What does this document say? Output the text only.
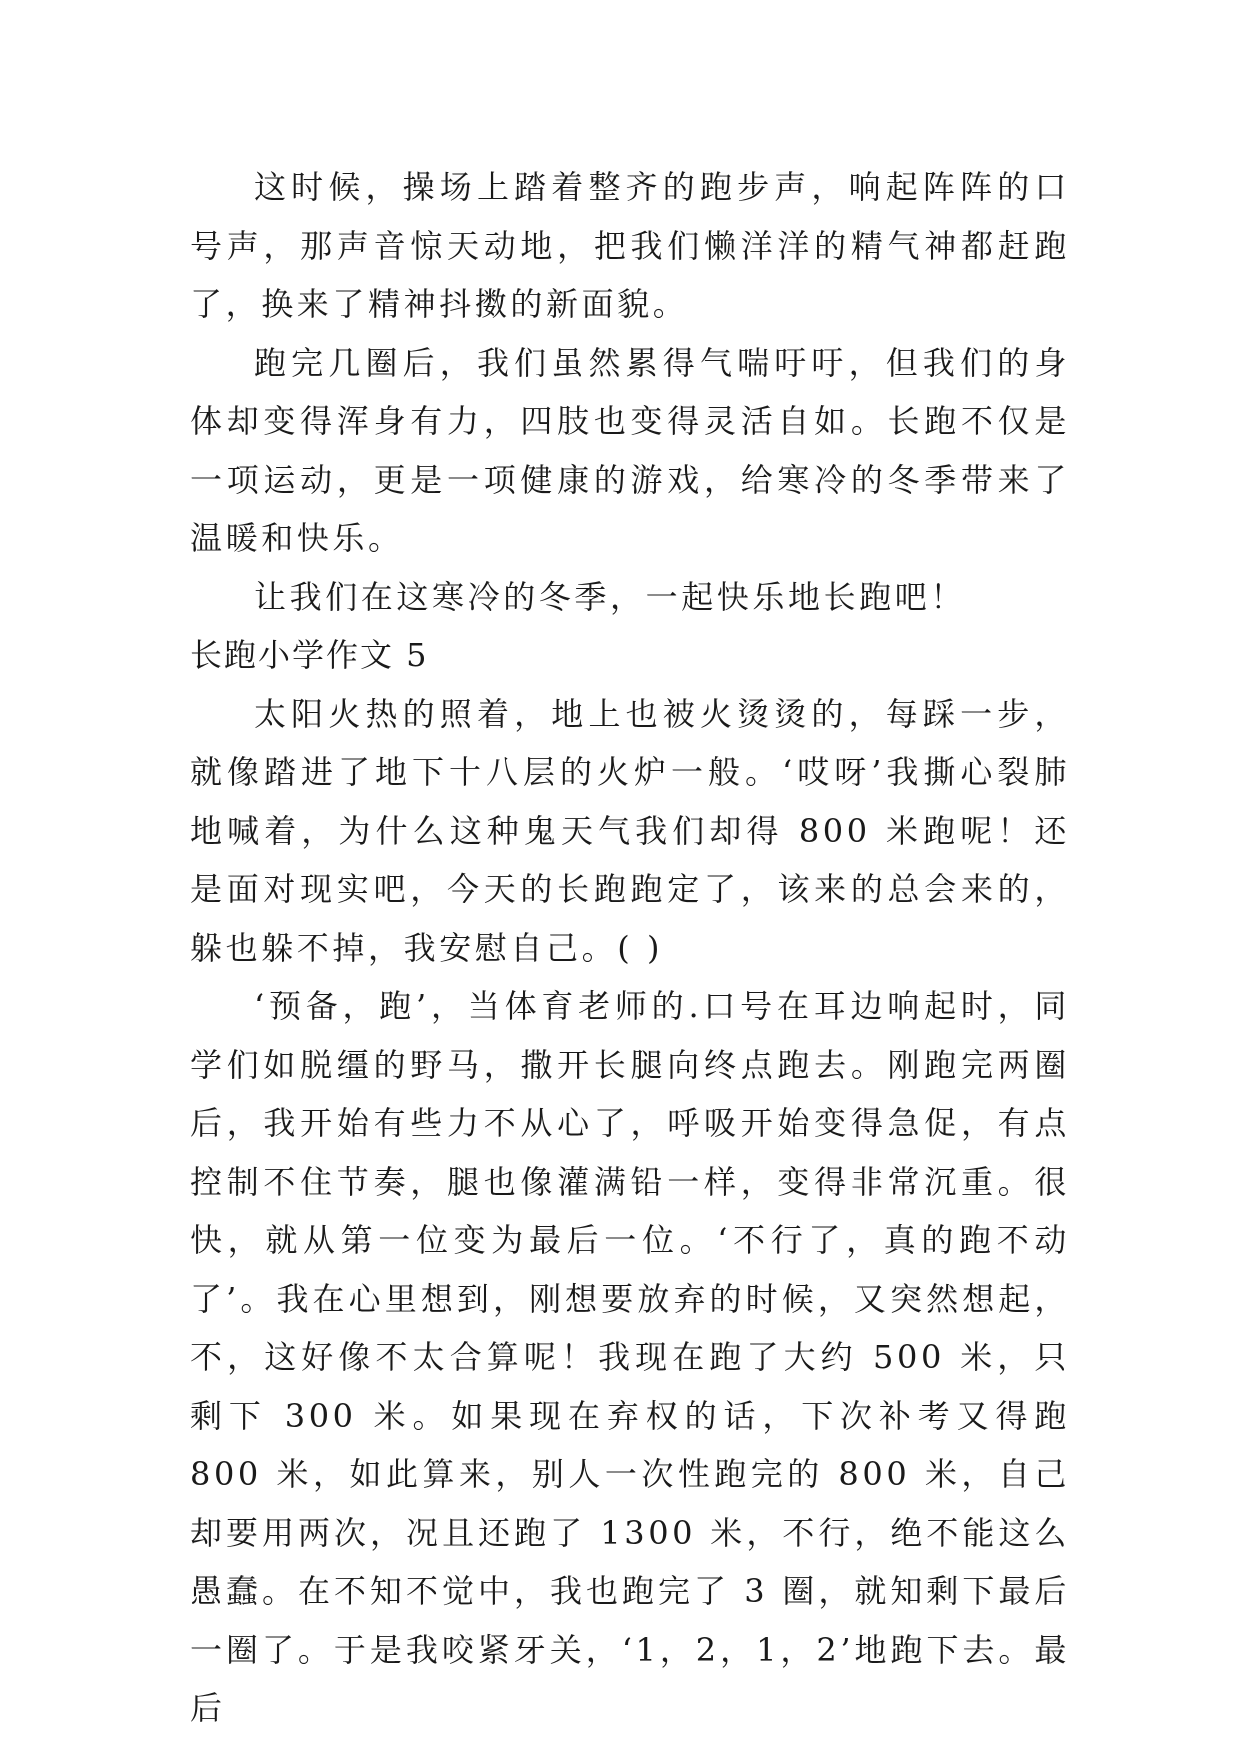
这时候，操场上踏着整齐的跑步声，响起阵阵的口号声，那声音惊天动地，把我们懒洋洋的精气神都赶跑了，换来了精神抖擞的新面貌。

跑完几圈后，我们虽然累得气喘吁吁，但我们的身体却变得浑身有力，四肢也变得灵活自如。长跑不仅是一项运动，更是一项健康的游戏，给寒冷的冬季带来了温暖和快乐。

让我们在这寒冷的冬季，一起快乐地长跑吧！

长跑小学作文 5

太阳火热的照着，地上也被火烫烫的，每踩一步，就像踏进了地下十八层的火炉一般。‘哎呀’我撕心裂肺地喊着，为什么这种鬼天气我们却得 800 米跑呢！还是面对现实吧，今天的长跑跑定了，该来的总会来的，躲也躲不掉，我安慰自己。( )

‘预备，跑’，当体育老师的.口号在耳边响起时，同学们如脱缰的野马，撒开长腿向终点跑去。刚跑完两圈后，我开始有些力不从心了，呼吸开始变得急促，有点控制不住节奏，腿也像灌满铅一样，变得非常沉重。很快，就从第一位变为最后一位。‘不行了，真的跑不动了’。我在心里想到，刚想要放弃的时候，又突然想起，不，这好像不太合算呢！我现在跑了大约 500 米，只剩下 300 米。如果现在弃权的话，下次补考又得跑 800 米，如此算来，别人一次性跑完的 800 米，自己却要用两次，况且还跑了 1300 米，不行，绝不能这么愚蠢。在不知不觉中，我也跑完了 3 圈，就知剩下最后一圈了。于是我咬紧牙关，‘1，2，1，2’地跑下去。最后
